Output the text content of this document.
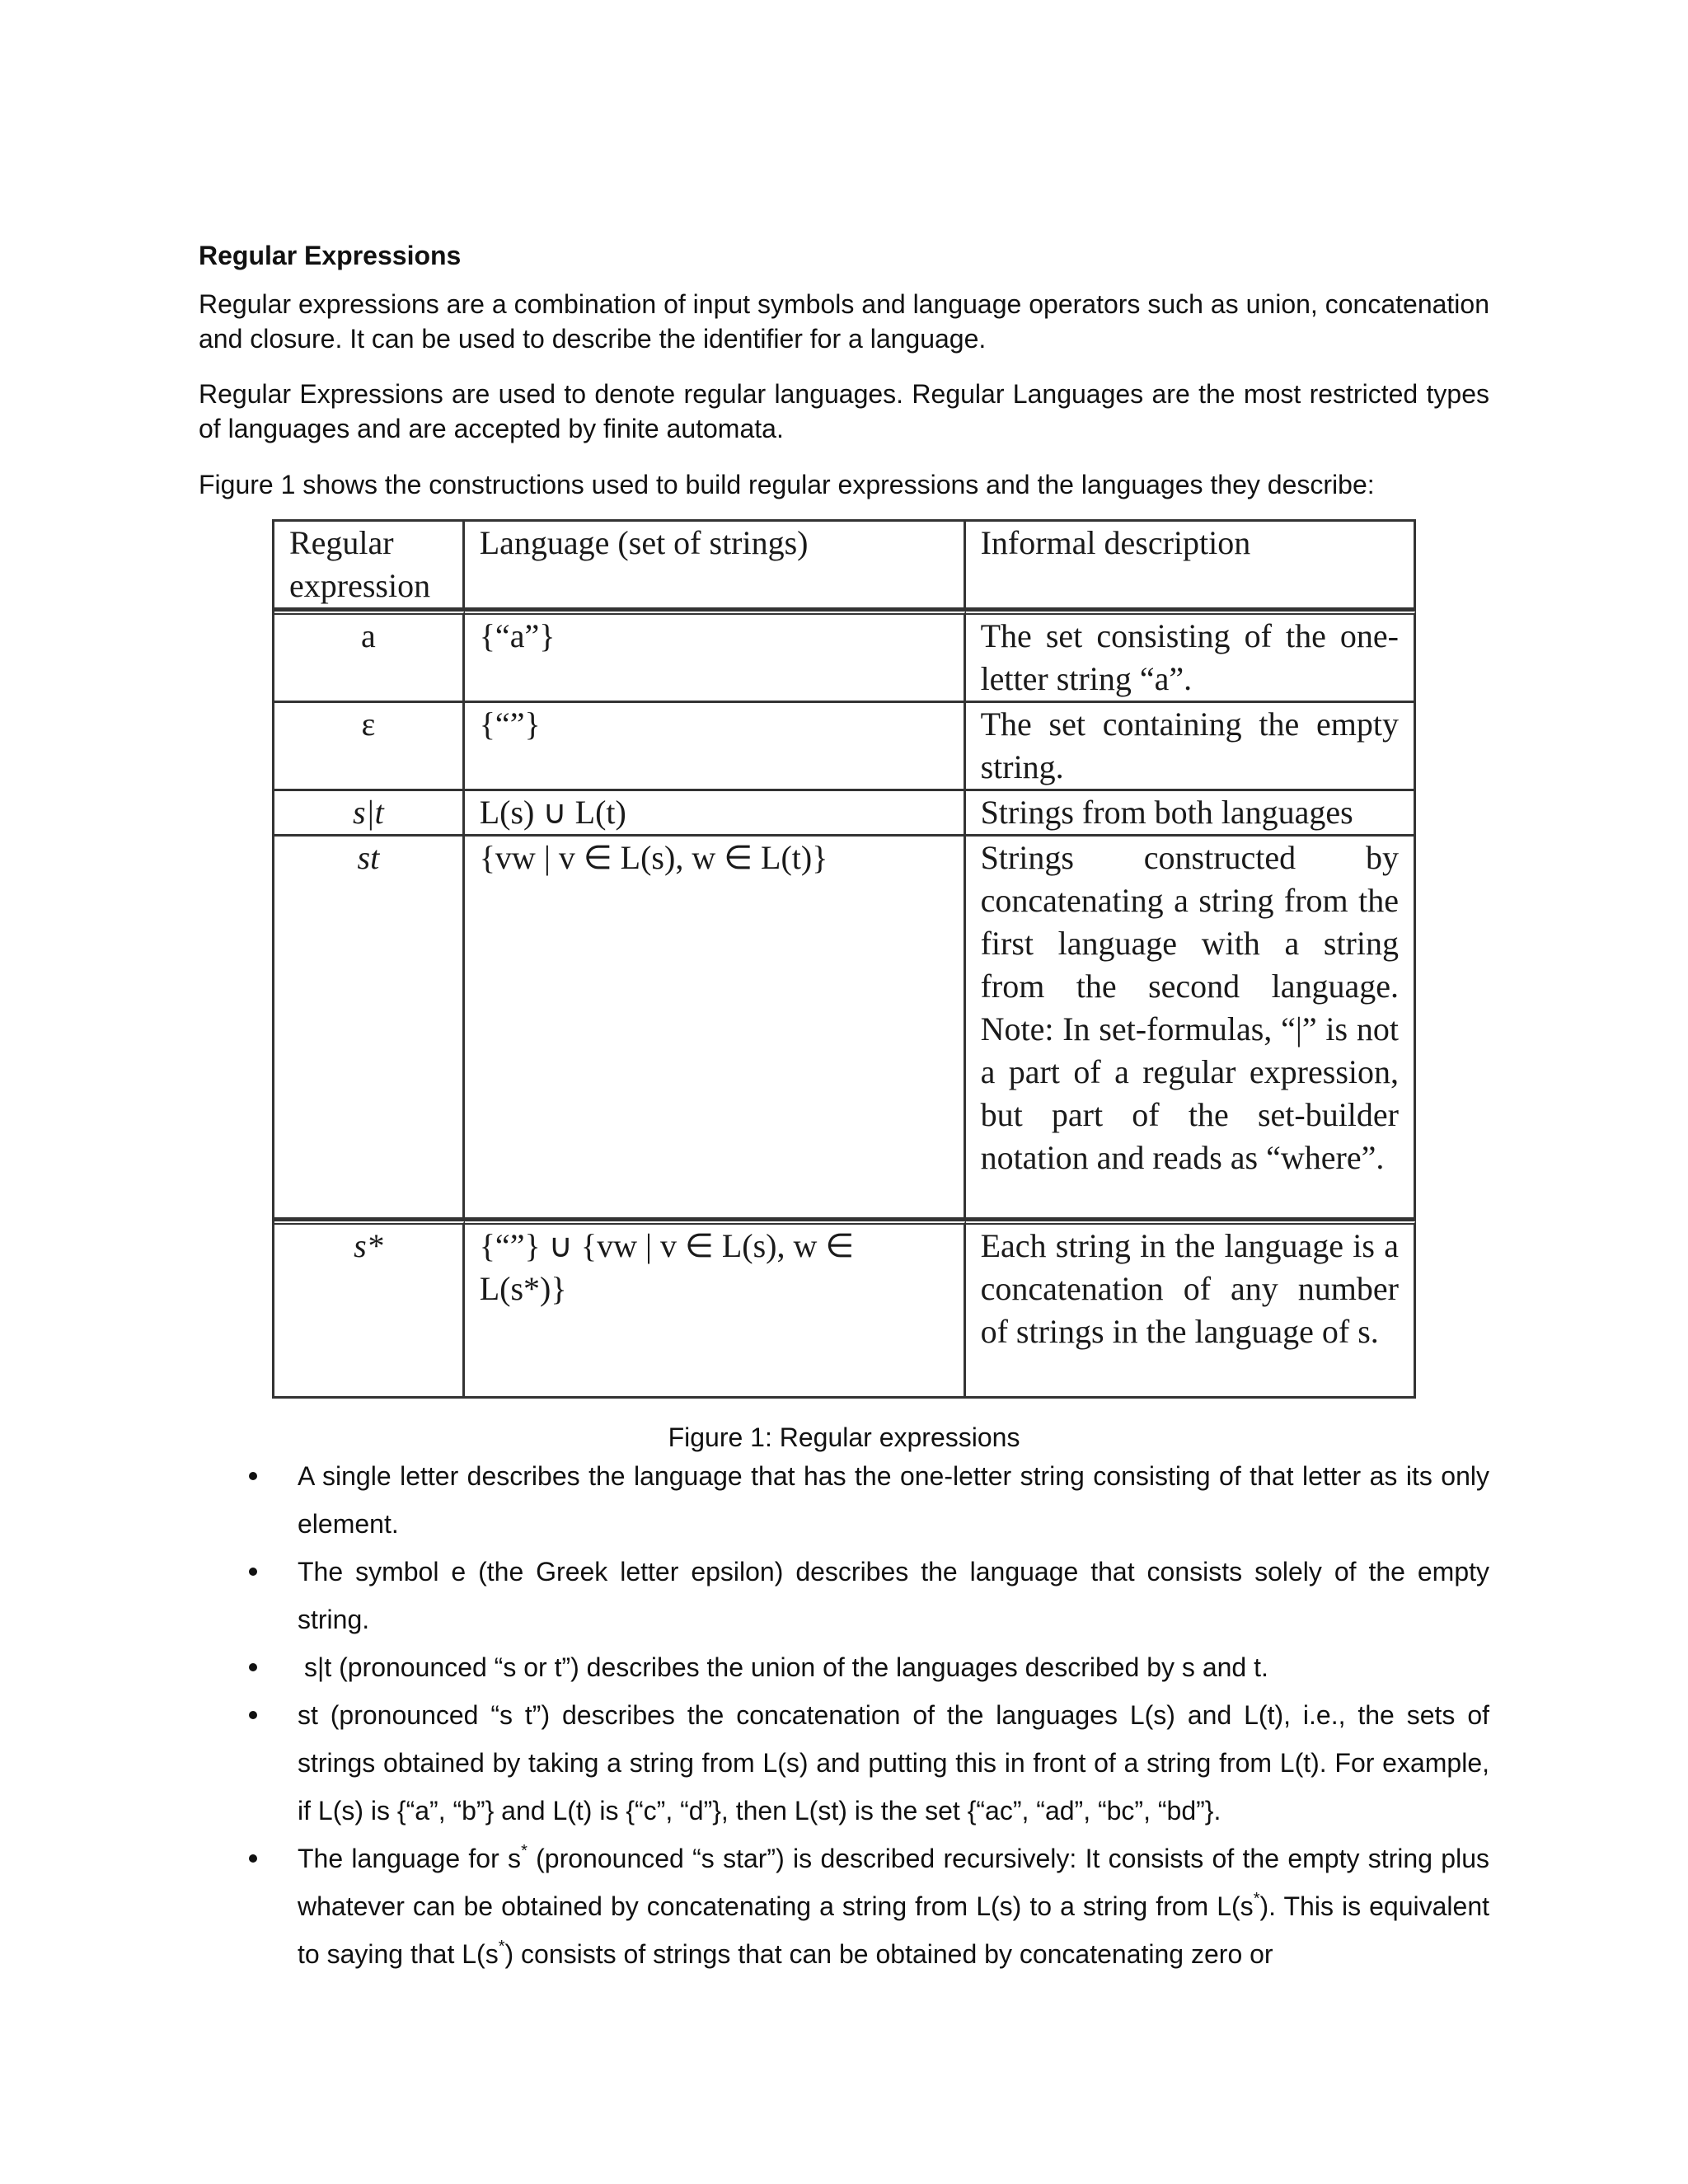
Regular Expressions
Regular expressions are a combination of input symbols and language operators such as union, concatenation and closure. It can be used to describe the identifier for a language.
Regular Expressions are used to denote regular languages. Regular Languages are the most restricted types of languages and are accepted by finite automata.
Figure 1 shows the constructions used to build regular expressions and the languages they describe:
Regular
expression	Language (set of strings)	Informal description
a	{“a”}	The set consisting of the one-letter string “a”.
ε	{“”}	The set containing the empty string.
s|t	L(s) ∪ L(t)	Strings from both languages
st	{vw | v ∈ L(s), w ∈ L(t)}	Strings constructed by concatenating a string from the first language with a string from the second language. Note: In set-formulas, “|” is not a part of a regular expression, but part of the set-builder notation and reads as “where”.
s*	{“”} ∪ {vw | v ∈ L(s), w ∈ L(s*)}	Each string in the language is a concatenation of any number of strings in the language of s.
Figure 1: Regular expressions
A single letter describes the language that has the one-letter string consisting of that letter as its only element.
The symbol e (the Greek letter epsilon) describes the language that consists solely of the empty string.
s|t (pronounced “s or t”) describes the union of the languages described by s and t.
st (pronounced “s t”) describes the concatenation of the languages L(s) and L(t), i.e., the sets of strings obtained by taking a string from L(s) and putting this in front of a string from L(t). For example, if L(s) is {“a”, “b”} and L(t) is {“c”, “d”}, then L(st) is the set {“ac”, “ad”, “bc”, “bd”}.
The language for s* (pronounced “s star”) is described recursively: It consists of the empty string plus whatever can be obtained by concatenating a string from L(s) to a string from L(s*). This is equivalent to saying that L(s*) consists of strings that can be obtained by concatenating zero or
